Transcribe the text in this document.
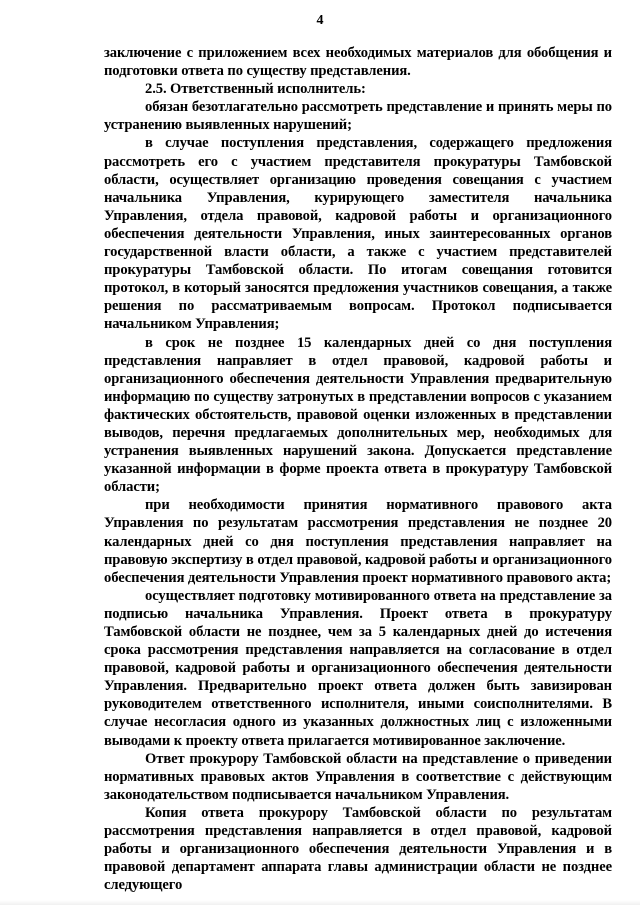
4

заключение с приложением всех необходимых материалов для обобщения и подготовки ответа по существу представления.

2.5. Ответственный исполнитель:

обязан безотлагательно рассмотреть представление и принять меры по устранению выявленных нарушений;

в случае поступления представления, содержащего предложения рассмотреть его с участием представителя прокуратуры Тамбовской области, осуществляет организацию проведения совещания с участием начальника Управления, курирующего заместителя начальника Управления, отдела правовой, кадровой работы и организационного обеспечения деятельности Управления, иных заинтересованных органов государственной власти области, а также с участием представителей прокуратуры Тамбовской области. По итогам совещания готовится протокол, в который заносятся предложения участников совещания, а также решения по рассматриваемым вопросам. Протокол подписывается начальником Управления;

в срок не позднее 15 календарных дней со дня поступления представления направляет в отдел правовой, кадровой работы и организационного обеспечения деятельности Управления предварительную информацию по существу затронутых в представлении вопросов с указанием фактических обстоятельств, правовой оценки изложенных в представлении выводов, перечня предлагаемых дополнительных мер, необходимых для устранения выявленных нарушений закона. Допускается представление указанной информации в форме проекта ответа в прокуратуру Тамбовской области;

при необходимости принятия нормативного правового акта Управления по результатам рассмотрения представления не позднее 20 календарных дней со дня поступления представления направляет на правовую экспертизу в отдел правовой, кадровой работы и организационного обеспечения деятельности Управления проект нормативного правового акта;

осуществляет подготовку мотивированного ответа на представление за подписью начальника Управления. Проект ответа в прокуратуру Тамбовской области не позднее, чем за 5 календарных дней до истечения срока рассмотрения представления направляется на согласование в отдел правовой, кадровой работы и организационного обеспечения деятельности Управления. Предварительно проект ответа должен быть завизирован руководителем ответственного исполнителя, иными соисполнителями. В случае несогласия одного из указанных должностных лиц с изложенными выводами к проекту ответа прилагается мотивированное заключение.

Ответ прокурору Тамбовской области на представление о приведении нормативных правовых актов Управления в соответствие с действующим законодательством подписывается начальником Управления.

Копия ответа прокурору Тамбовской области по результатам рассмотрения представления направляется в отдел правовой, кадровой работы и организационного обеспечения деятельности Управления и в правовой департамент аппарата главы администрации области не позднее следующего
